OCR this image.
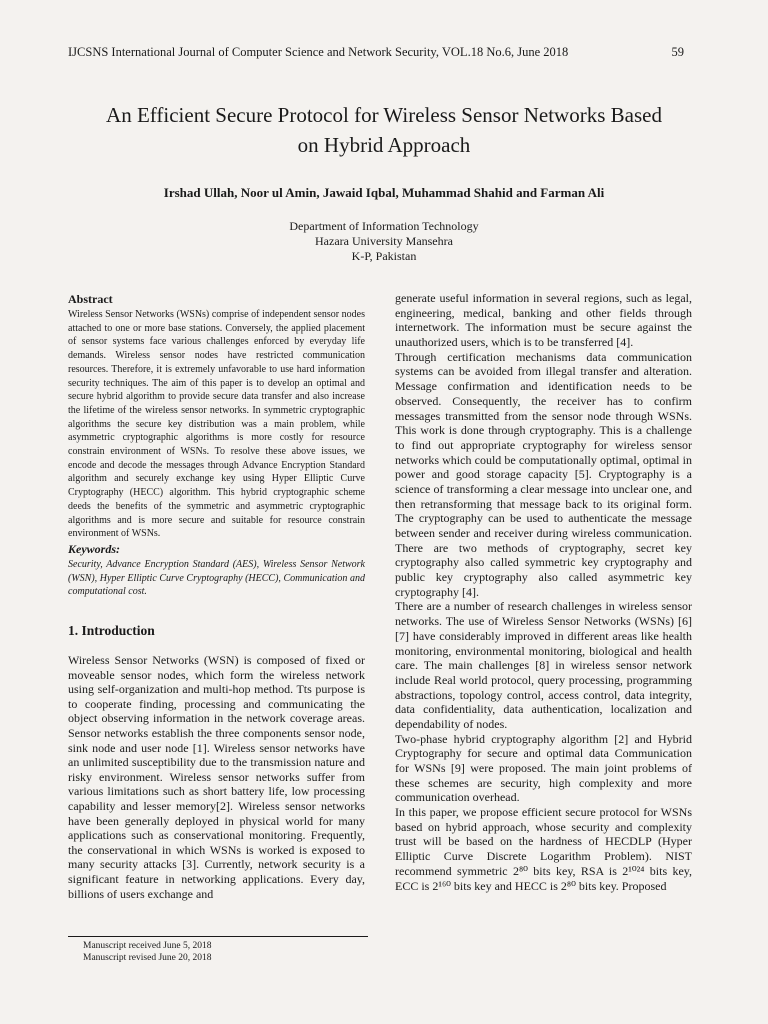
IJCSNS International Journal of Computer Science and Network Security, VOL.18 No.6, June 2018	59
An Efficient Secure Protocol for Wireless Sensor Networks Based
on Hybrid Approach
Irshad Ullah, Noor ul Amin, Jawaid Iqbal, Muhammad Shahid and Farman Ali
Department of Information Technology
Hazara University Mansehra
K-P, Pakistan
Abstract

Wireless Sensor Networks (WSNs) comprise of independent sensor nodes attached to one or more base stations. Conversely, the applied placement of sensor systems face various challenges enforced by everyday life demands. Wireless sensor nodes have restricted communication resources. Therefore, it is extremely unfavorable to use hard information security techniques. The aim of this paper is to develop an optimal and secure hybrid algorithm to provide secure data transfer and also increase the lifetime of the wireless sensor networks. In symmetric cryptographic algorithms the secure key distribution was a main problem, while asymmetric cryptographic algorithms is more costly for resource constrain environment of WSNs. To resolve these above issues, we encode and decode the messages through Advance Encryption Standard algorithm and securely exchange key using Hyper Elliptic Curve Cryptography (HECC) algorithm. This hybrid cryptographic scheme deeds the benefits of the symmetric and asymmetric cryptographic algorithms and is more secure and suitable for resource constrain environment of WSNs.

Keywords:

Security, Advance Encryption Standard (AES), Wireless Sensor Network (WSN), Hyper Elliptic Curve Cryptography (HECC), Communication and computational cost.

1. Introduction

Wireless Sensor Networks (WSN) is composed of fixed or moveable sensor nodes, which form the wireless network using self-organization and multi-hop method. Tts purpose is to cooperate finding, processing and communicating the object observing information in the network coverage areas. Sensor networks establish the three components sensor node, sink node and user node [1]. Wireless sensor networks have an unlimited susceptibility due to the transmission nature and risky environment. Wireless sensor networks suffer from various limitations such as short battery life, low processing capability and lesser memory[2]. Wireless sensor networks have been generally deployed in physical world for many applications such as conservational monitoring. Frequently, the conservational in which WSNs is worked is exposed to many security attacks [3]. Currently, network security is a significant feature in networking applications. Every day, billions of users exchange and

generate useful information in several regions, such as legal, engineering, medical, banking and other fields through internetwork. The information must be secure against the unauthorized users, which is to be transferred [4].

Through certification mechanisms data communication systems can be avoided from illegal transfer and alteration. Message confirmation and identification needs to be observed. Consequently, the receiver has to confirm messages transmitted from the sensor node through WSNs. This work is done through cryptography. This is a challenge to find out appropriate cryptography for wireless sensor networks which could be computationally optimal, optimal in power and good storage capacity [5]. Cryptography is a science of transforming a clear message into unclear one, and then retransforming that message back to its original form. The cryptography can be used to authenticate the message between sender and receiver during wireless communication. There are two methods of cryptography, secret key cryptography also called symmetric key cryptography and public key cryptography also called asymmetric key cryptography [4].

There are a number of research challenges in wireless sensor networks. The use of Wireless Sensor Networks (WSNs) [6] [7] have considerably improved in different areas like health monitoring, environmental monitoring, biological and health care. The main challenges [8] in wireless sensor network include Real world protocol, query processing, programming abstractions, topology control, access control, data integrity, data confidentiality, data authentication, localization and dependability of nodes.

Two-phase hybrid cryptography algorithm [2] and Hybrid Cryptography for secure and optimal data Communication for WSNs [9] were proposed. The main joint problems of these schemes are security, high complexity and more communication overhead.

In this paper, we propose efficient secure protocol for WSNs based on hybrid approach, whose security and complexity trust will be based on the hardness of HECDLP (Hyper Elliptic Curve Discrete Logarithm Problem). NIST recommend symmetric 2⁸⁰ bits key, RSA is 2¹⁰²⁴ bits key, ECC is 2¹⁶⁰ bits key and HECC is 2⁸⁰ bits key. Proposed

Manuscript received June 5, 2018
Manuscript revised June 20, 2018
